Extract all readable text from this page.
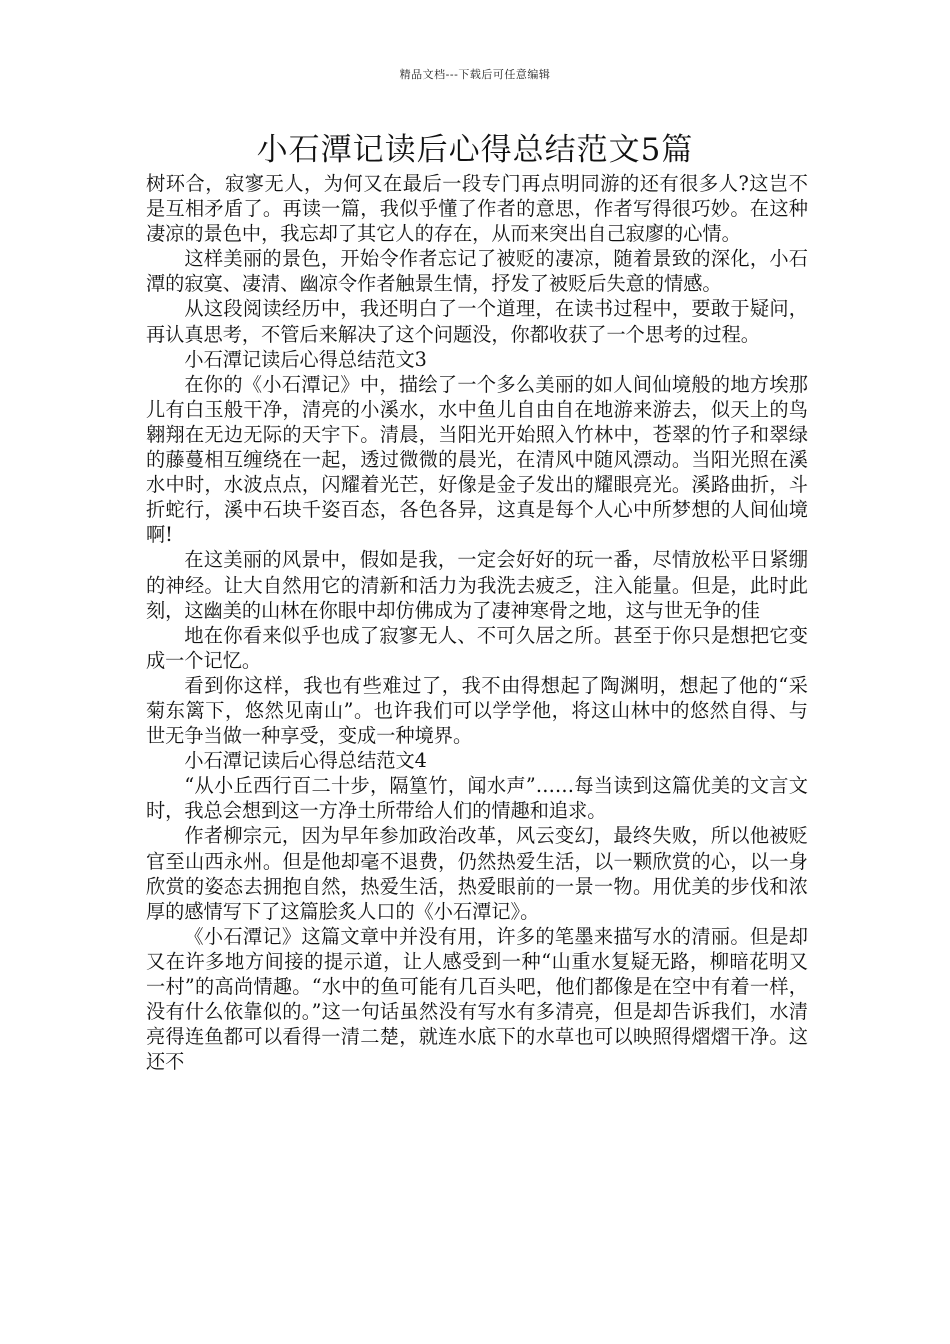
精品文档---下载后可任意编辑
小石潭记读后心得总结范文5篇

树环合，寂寥无人，为何又在最后一段专门再点明同游的还有很多人?这岂不是互相矛盾了。再读一篇，我似乎懂了作者的意思，作者写得很巧妙。在这种凄凉的景色中，我忘却了其它人的存在，从而来突出自己寂廖的心情。

这样美丽的景色，开始令作者忘记了被贬的凄凉，随着景致的深化，小石潭的寂寞、凄清、幽凉令作者触景生情，抒发了被贬后失意的情感。

从这段阅读经历中，我还明白了一个道理，在读书过程中，要敢于疑问，再认真思考，不管后来解决了这个问题没，你都收获了一个思考的过程。

小石潭记读后心得总结范文3

在你的《小石潭记》中，描绘了一个多么美丽的如人间仙境般的地方埃那儿有白玉般干净，清亮的小溪水，水中鱼儿自由自在地游来游去，似天上的鸟翱翔在无边无际的天宇下。清晨，当阳光开始照入竹林中，苍翠的竹子和翠绿的藤蔓相互缠绕在一起，透过微微的晨光，在清风中随风漂动。当阳光照在溪水中时，水波点点，闪耀着光芒，好像是金子发出的耀眼亮光。溪路曲折，斗折蛇行，溪中石块千姿百态，各色各异，这真是每个人心中所梦想的人间仙境啊!

在这美丽的风景中，假如是我，一定会好好的玩一番，尽情放松平日紧绷的神经。让大自然用它的清新和活力为我洗去疲乏，注入能量。但是，此时此刻，这幽美的山林在你眼中却仿佛成为了凄神寒骨之地，这与世无争的佳

地在你看来似乎也成了寂寥无人、不可久居之所。甚至于你只是想把它变成一个记忆。

看到你这样，我也有些难过了，我不由得想起了陶渊明，想起了他的“采菊东篱下，悠然见南山”。也许我们可以学学他，将这山林中的悠然自得、与世无争当做一种享受，变成一种境界。

小石潭记读后心得总结范文4

“从小丘西行百二十步，隔篁竹，闻水声”……每当读到这篇优美的文言文时，我总会想到这一方净土所带给人们的情趣和追求。

作者柳宗元，因为早年参加政治改革，风云变幻，最终失败，所以他被贬官至山西永州。但是他却毫不退费，仍然热爱生活，以一颗欣赏的心，以一身欣赏的姿态去拥抱自然，热爱生活，热爱眼前的一景一物。用优美的步伐和浓厚的感情写下了这篇脍炙人口的《小石潭记》。

《小石潭记》这篇文章中并没有用，许多的笔墨来描写水的清丽。但是却又在许多地方间接的提示道，让人感受到一种“山重水复疑无路，柳暗花明又一村”的高尚情趣。“水中的鱼可能有几百头吧，他们都像是在空中有着一样，没有什么依靠似的。”这一句话虽然没有写水有多清亮，但是却告诉我们，水清亮得连鱼都可以看得一清二楚，就连水底下的水草也可以映照得熠熠干净。这还不
